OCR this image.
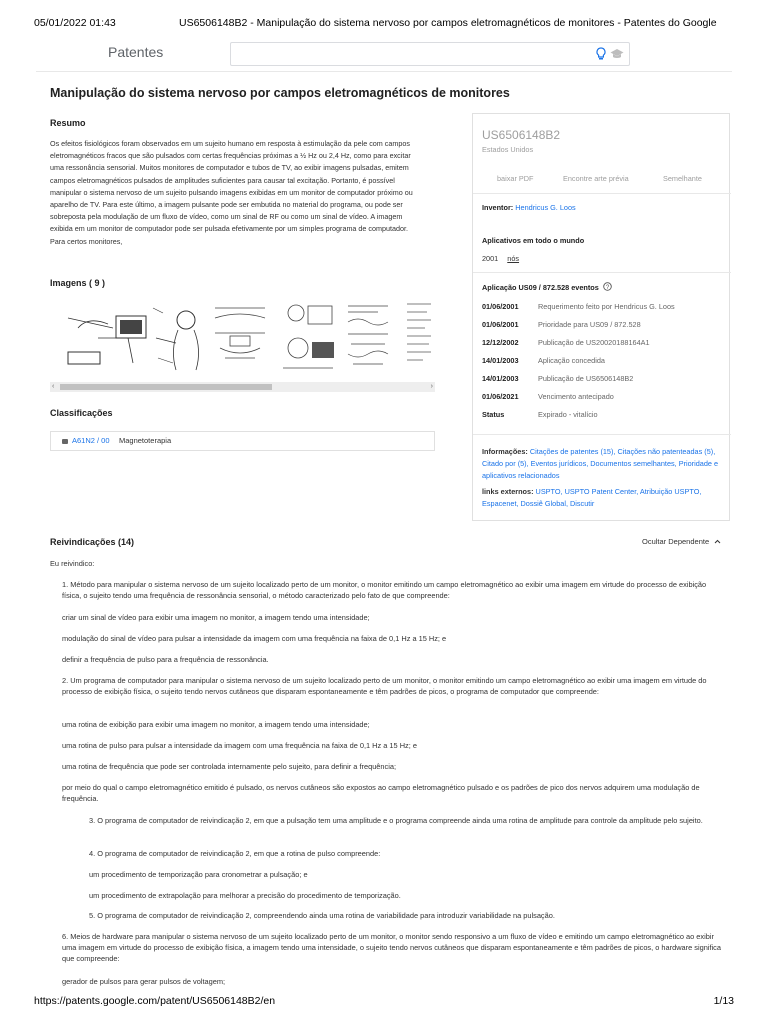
05/01/2022 01:43	US6506148B2 - Manipulação do sistema nervoso por campos eletromagnéticos de monitores - Patentes do Google
Patentes
Manipulação do sistema nervoso por campos eletromagnéticos de monitores
Resumo
Os efeitos fisiológicos foram observados em um sujeito humano em resposta à estimulação da pele com campos eletromagnéticos fracos que são pulsados com certas frequências próximas a ½ Hz ou 2,4 Hz, como para excitar uma ressonância sensorial. Muitos monitores de computador e tubos de TV, ao exibir imagens pulsadas, emitem campos eletromagnéticos pulsados de amplitudes suficientes para causar tal excitação. Portanto, é possível manipular o sistema nervoso de um sujeito pulsando imagens exibidas em um monitor de computador próximo ou aparelho de TV. Para este último, a imagem pulsante pode ser embutida no material do programa, ou pode ser sobreposta pela modulação de um fluxo de vídeo, como um sinal de RF ou como um sinal de vídeo. A imagem exibida em um monitor de computador pode ser pulsada efetivamente por um simples programa de computador. Para certos monitores,
Imagens ( 9 )
‹	›
Classificações
A61N2 / 00 Magnetoterapia
US6506148B2
Estados Unidos
baixar PDF	Encontre arte prévia	Semelhante
Inventor: Hendricus G. Loos
Aplicativos em todo o mundo
2001 nós
Aplicação US09 / 872.528 eventos ?
01/06/2001	Requerimento feito por Hendricus G. Loos
01/06/2001	Prioridade para US09 / 872.528
12/12/2002	Publicação de US20020188164A1
14/01/2003	Aplicação concedida
14/01/2003	Publicação de US6506148B2
01/06/2021	Vencimento antecipado
Status	Expirado - vitalício
Informações: Citações de patentes (15), Citações não patenteadas (5), Citado por (5), Eventos jurídicos, Documentos semelhantes, Prioridade e aplicativos relacionados
links externos: USPTO, USPTO Patent Center, Atribuição USPTO, Espacenet, Dossiê Global, Discutir
Reivindicações (14)	Ocultar Dependente

Eu reivindico:

1. Método para manipular o sistema nervoso de um sujeito localizado perto de um monitor, o monitor emitindo um campo eletromagnético ao exibir uma imagem em virtude do processo de exibição física, o sujeito tendo uma frequência de ressonância sensorial, o método caracterizado pelo fato de que compreende:

criar um sinal de vídeo para exibir uma imagem no monitor, a imagem tendo uma intensidade;

modulação do sinal de vídeo para pulsar a intensidade da imagem com uma frequência na faixa de 0,1 Hz a 15 Hz; e

definir a frequência de pulso para a frequência de ressonância.

2. Um programa de computador para manipular o sistema nervoso de um sujeito localizado perto de um monitor, o monitor emitindo um campo eletromagnético ao exibir uma imagem em virtude do processo de exibição física, o sujeito tendo nervos cutâneos que disparam espontaneamente e têm padrões de picos, o programa de computador que compreende:

uma rotina de exibição para exibir uma imagem no monitor, a imagem tendo uma intensidade;

uma rotina de pulso para pulsar a intensidade da imagem com uma frequência na faixa de 0,1 Hz a 15 Hz; e

uma rotina de frequência que pode ser controlada internamente pelo sujeito, para definir a frequência;

por meio do qual o campo eletromagnético emitido é pulsado, os nervos cutâneos são expostos ao campo eletromagnético pulsado e os padrões de pico dos nervos adquirem uma modulação de frequência.

3. O programa de computador de reivindicação 2, em que a pulsação tem uma amplitude e o programa compreende ainda uma rotina de amplitude para controle da amplitude pelo sujeito.

4. O programa de computador de reivindicação 2, em que a rotina de pulso compreende:

um procedimento de temporização para cronometrar a pulsação; e

um procedimento de extrapolação para melhorar a precisão do procedimento de temporização.

5. O programa de computador de reivindicação 2, compreendendo ainda uma rotina de variabilidade para introduzir variabilidade na pulsação.

6. Meios de hardware para manipular o sistema nervoso de um sujeito localizado perto de um monitor, o monitor sendo responsivo a um fluxo de vídeo e emitindo um campo eletromagnético ao exibir uma imagem em virtude do processo de exibição física, a imagem tendo uma intensidade, o sujeito tendo nervos cutâneos que disparam espontaneamente e têm padrões de picos, o hardware significa que compreende:

gerador de pulsos para gerar pulsos de voltagem;

https://patents.google.com/patent/US6506148B2/en	1/13
